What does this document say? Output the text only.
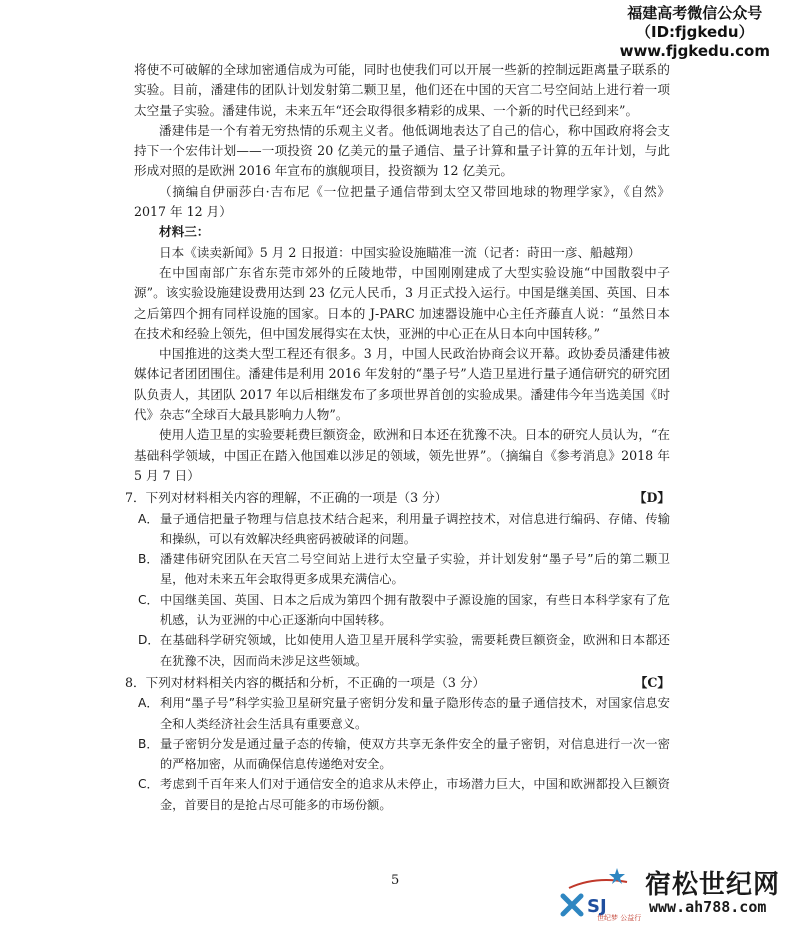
福建高考微信公众号
（ID:fjgkedu）
www.fjgkedu.com
将使不可破解的全球加密通信成为可能，同时也使我们可以开展一些新的控制远距离量子联系的实验。目前，潘建伟的团队计划发射第二颗卫星，他们还在中国的天宫二号空间站上进行着一项太空量子实验。潘建伟说，未来五年“还会取得很多精彩的成果、一个新的时代已经到来”。
潘建伟是一个有着无穷热情的乐观主义者。他低调地表达了自己的信心，称中国政府将会支持下一个宏伟计划——一项投资 20 亿美元的量子通信、量子计算和量子计算的五年计划，与此形成对照的是欧洲 2016 年宣布的旗舰项目，投资额为 12 亿美元。
（摘编自伊丽莎白·吉布尼《一位把量子通信带到太空又带回地球的物理学家》，《自然》2017 年 12 月）
材料三：
日本《读卖新闻》5 月 2 日报道：中国实验设施瞄准一流（记者：莳田一彦、船越翔）
在中国南部广东省东莞市郊外的丘陵地带，中国刚刚建成了大型实验设施“中国散裂中子源”。该实验设施建设费用达到 23 亿元人民币，3 月正式投入运行。中国是继美国、英国、日本之后第四个拥有同样设施的国家。日本的 J-PARC 加速器设施中心主任齐藤直人说：“虽然日本在技术和经验上领先，但中国发展得实在太快，亚洲的中心正在从日本向中国转移。”
中国推进的这类大型工程还有很多。3 月，中国人民政治协商会议开幕。政协委员潘建伟被媒体记者团团围住。潘建伟是利用 2016 年发射的“墨子号”人造卫星进行量子通信研究的研究团队负责人，其团队 2017 年以后相继发布了多项世界首创的实验成果。潘建伟今年当选美国《时代》杂志“全球百大最具影响力人物”。
使用人造卫星的实验要耗费巨额资金，欧洲和日本还在犹豫不决。日本的研究人员认为，“在基础科学领域，中国正在踏入他国难以涉足的领域，领先世界”。（摘编自《参考消息》2018 年 5 月 7 日）
7．下列对材料相关内容的理解，不正确的一项是（3 分）	【D】
A． 量子通信把量子物理与信息技术结合起来，利用量子调控技术，对信息进行编码、存储、传输和操纵，可以有效解决经典密码被破译的问题。
B． 潘建伟研究团队在天宫二号空间站上进行太空量子实验，并计划发射“墨子号”后的第二颗卫星，他对未来五年会取得更多成果充满信心。
C． 中国继美国、英国、日本之后成为第四个拥有散裂中子源设施的国家，有些日本科学家有了危机感，认为亚洲的中心正逐渐向中国转移。
D． 在基础科学研究领域，比如使用人造卫星开展科学实验，需要耗费巨额资金，欧洲和日本都还在犹豫不决，因而尚未涉足这些领域。
8．下列对材料相关内容的概括和分析，不正确的一项是（3 分）	【C】
A． 利用“墨子号”科学实验卫星研究量子密钥分发和量子隐形传态的量子通信技术，对国家信息安全和人类经济社会生活具有重要意义。
B． 量子密钥分发是通过量子态的传输，使双方共享无条件安全的量子密钥，对信息进行一次一密的严格加密，从而确保信息传递绝对安全。
C． 考虑到千百年来人们对于通信安全的追求从未停止，市场潜力巨大，中国和欧洲都投入巨额资金，首要目的是抢占尽可能多的市场份额。
5
SJ
宿松世纪网
www.ah788.com
世纪梦 公益行
